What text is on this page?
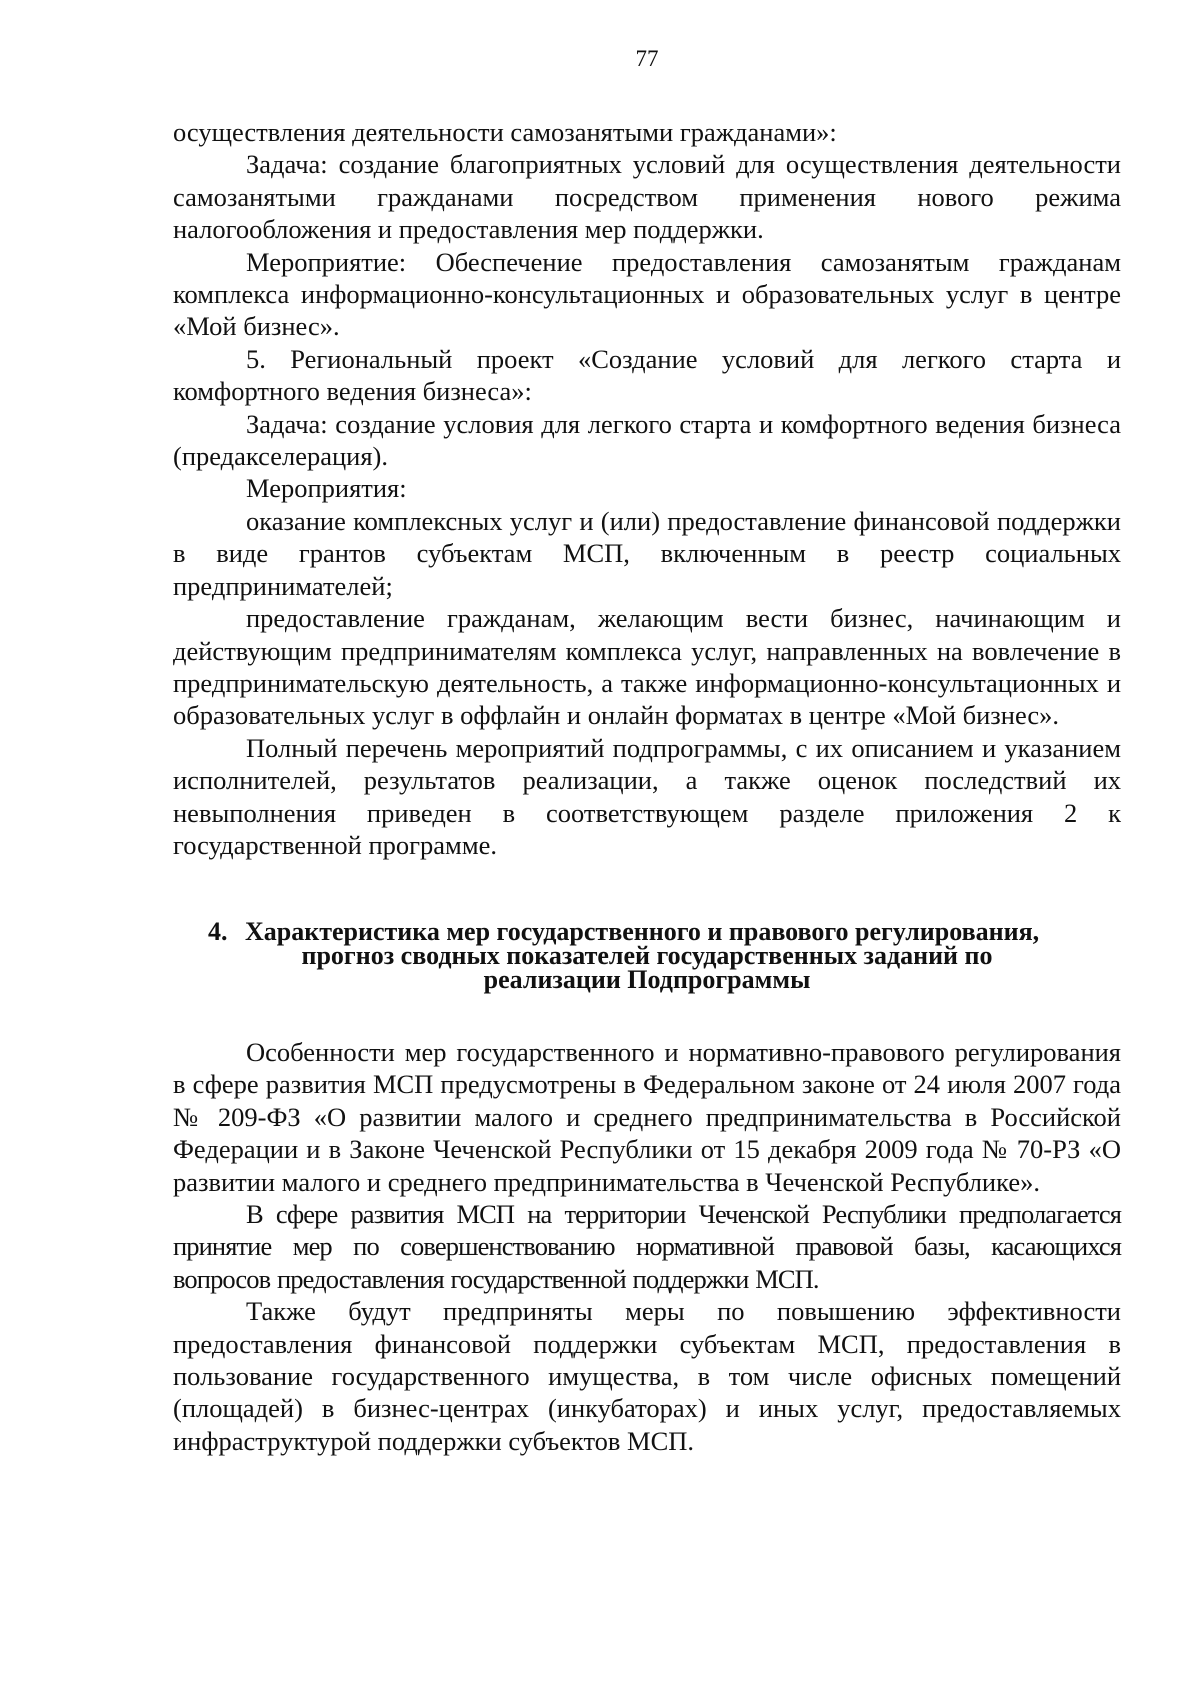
77

осуществления деятельности самозанятыми гражданами»:

Задача: создание благоприятных условий для осуществления деятельности самозанятыми гражданами посредством применения нового режима налогообложения и предоставления мер поддержки.

Мероприятие: Обеспечение предоставления самозанятым гражданам комплекса информационно-консультационных и образовательных услуг в центре «Мой бизнес».

5. Региональный проект «Создание условий для легкого старта и комфортного ведения бизнеса»:

Задача: создание условия для легкого старта и комфортного ведения бизнеса (предакселерация).

Мероприятия:

оказание комплексных услуг и (или) предоставление финансовой поддержки в виде грантов субъектам МСП, включенным в реестр социальных предпринимателей;

предоставление гражданам, желающим вести бизнес, начинающим и действующим предпринимателям комплекса услуг, направленных на вовлечение в предпринимательскую деятельность, а также информационно-консультационных и образовательных услуг в оффлайн и онлайн форматах в центре «Мой бизнес».

Полный перечень мероприятий подпрограммы, с их описанием и указанием исполнителей, результатов реализации, а также оценок последствий их невыполнения приведен в соответствующем разделе приложения 2 к государственной программе.

4. Характеристика мер государственного и правового регулирования,
прогноз сводных показателей государственных заданий по
реализации Подпрограммы

Особенности мер государственного и нормативно-правового регулирования в сфере развития МСП предусмотрены в Федеральном законе от 24 июля 2007 года № 209-ФЗ «О развитии малого и среднего предпринимательства в Российской Федерации и в Законе Чеченской Республики от 15 декабря 2009 года № 70-РЗ «О развитии малого и среднего предпринимательства в Чеченской Республике».

В сфере развития МСП на территории Чеченской Республики предполагается принятие мер по совершенствованию нормативной правовой базы, касающихся вопросов предоставления государственной поддержки МСП.

Также будут предприняты меры по повышению эффективности предоставления финансовой поддержки субъектам МСП, предоставления в пользование государственного имущества, в том числе офисных помещений (площадей) в бизнес-центрах (инкубаторах) и иных услуг, предоставляемых инфраструктурой поддержки субъектов МСП.
